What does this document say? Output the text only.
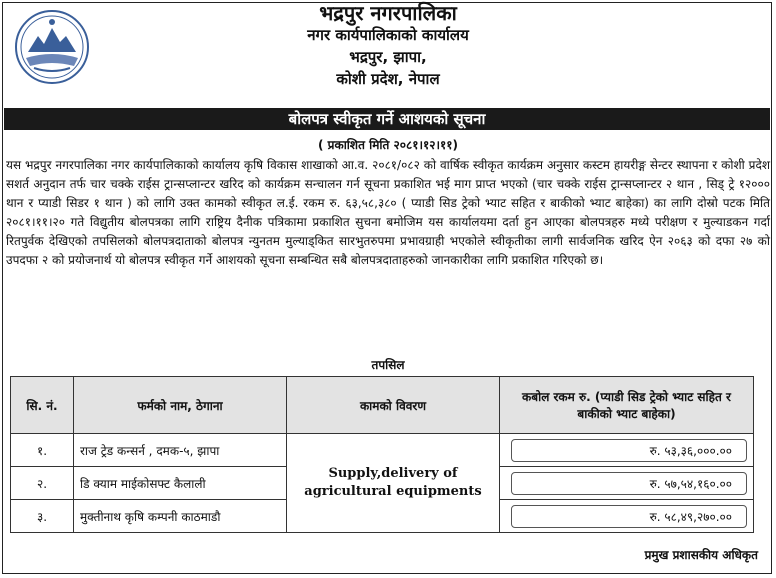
भद्रपुर नगरपालिका
नगर कार्यपालिकाको कार्यालय
भद्रपुर, झापा,
कोशी प्रदेश, नेपाल
बोलपत्र स्वीकृत गर्ने आशयको सूचना
( प्रकाशित मिति २०८१।१२।११)
यस भद्रपुर नगरपालिका नगर कार्यपालिकाको कार्यालय कृषि विकास शाखाको आ.व. २०८१/०८२ को वार्षिक स्वीकृत कार्यक्रम अनुसार कस्टम हायरीङ्ग सेन्टर स्थापना र कोशी प्रदेश सशर्त अनुदान तर्फ चार चक्के राईस ट्रान्सप्लान्टर खरिद को कार्यक्रम सन्चालन गर्न सूचना प्रकाशित भई माग प्राप्त भएको (चार चक्के राईस ट्रान्सप्लान्टर २ थान , सिड् ट्रे १२००० थान र प्याडी सिडर १ थान ) को लागि उक्त कामको स्वीकृत ल.ई. रकम रु. ६३,५८,३८० ( प्याडी सिड ट्रेको भ्याट सहित र बाकीको भ्याट बाहेका) का लागि दोस्रो पटक मिति २०८१।११।२० गते विद्युतीय बोलपत्रका लागि राष्ट्रिय दैनीक पत्रिकामा प्रकाशित सुचना बमोजिम यस कार्यालयमा दर्ता हुन आएका बोलपत्रहरु मध्ये परीक्षण र मुल्याडकन गर्दा रितपुर्वक देखिएको तपसिलको बोलपत्रदाताको बोलपत्र न्युनतम मुल्याड्कित सारभुतरुपमा प्रभावग्राही भएकोले स्वीकृतीका लागी सार्वजनिक खरिद ऐन २०६३ को दफा २७ को उपदफा २ को प्रयोजनार्थ यो बोलपत्र स्वीकृत गर्ने आशयको सूचना सम्बन्धित सबै बोलपत्रदाताहरुको जानकारीका लागि प्रकाशित गरिएको छ।
तपसिल
सि. नं.	फर्मको नाम, ठेगाना	कामको विवरण	कबोल रकम रु. (प्याडी सिड ट्रेको भ्याट सहित र बाकीको भ्याट बाहेका)
१.	राज ट्रेड कन्सर्न , दमक-५, झापा	Supply,delivery of agricultural equipments	रु. ५३,३६,०००.००
२.	डि क्याम माईकोसफ्ट कैलाली		रु. ५७,५४,१६०.००
३.	मुक्तीनाथ कृषि कम्पनी काठमाडौ		रु. ५८,४९,२७०.००
प्रमुख प्रशासकीय अधिकृत
